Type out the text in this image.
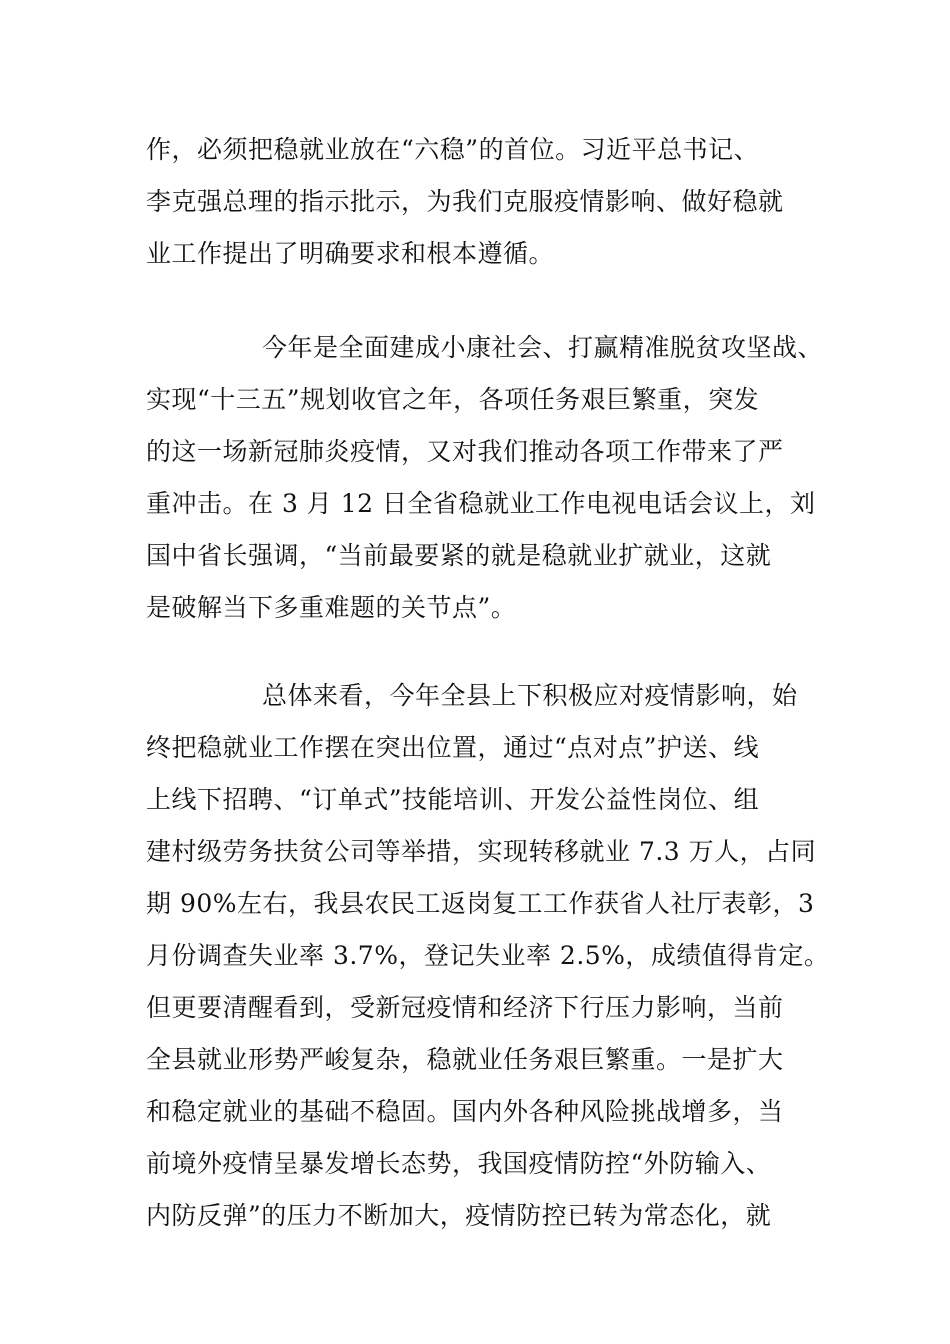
作，必须把稳就业放在“六稳”的首位。习近平总书记、
李克强总理的指示批示，为我们克服疫情影响、做好稳就
业工作提出了明确要求和根本遵循。
今年是全面建成小康社会、打赢精准脱贫攻坚战、
实现“十三五”规划收官之年，各项任务艰巨繁重，突发
的这一场新冠肺炎疫情，又对我们推动各项工作带来了严
重冲击。在 3 月 12 日全省稳就业工作电视电话会议上，刘
国中省长强调，“当前最要紧的就是稳就业扩就业，这就
是破解当下多重难题的关节点”。
总体来看，今年全县上下积极应对疫情影响，始
终把稳就业工作摆在突出位置，通过“点对点”护送、线
上线下招聘、“订单式”技能培训、开发公益性岗位、组
建村级劳务扶贫公司等举措，实现转移就业 7.3 万人，占同
期 90%左右，我县农民工返岗复工工作获省人社厅表彰，3
月份调查失业率 3.7%，登记失业率 2.5%，成绩值得肯定。
但更要清醒看到，受新冠疫情和经济下行压力影响，当前
全县就业形势严峻复杂，稳就业任务艰巨繁重。一是扩大
和稳定就业的基础不稳固。国内外各种风险挑战增多，当
前境外疫情呈暴发增长态势，我国疫情防控“外防输入、
内防反弹”的压力不断加大，疫情防控已转为常态化，就
